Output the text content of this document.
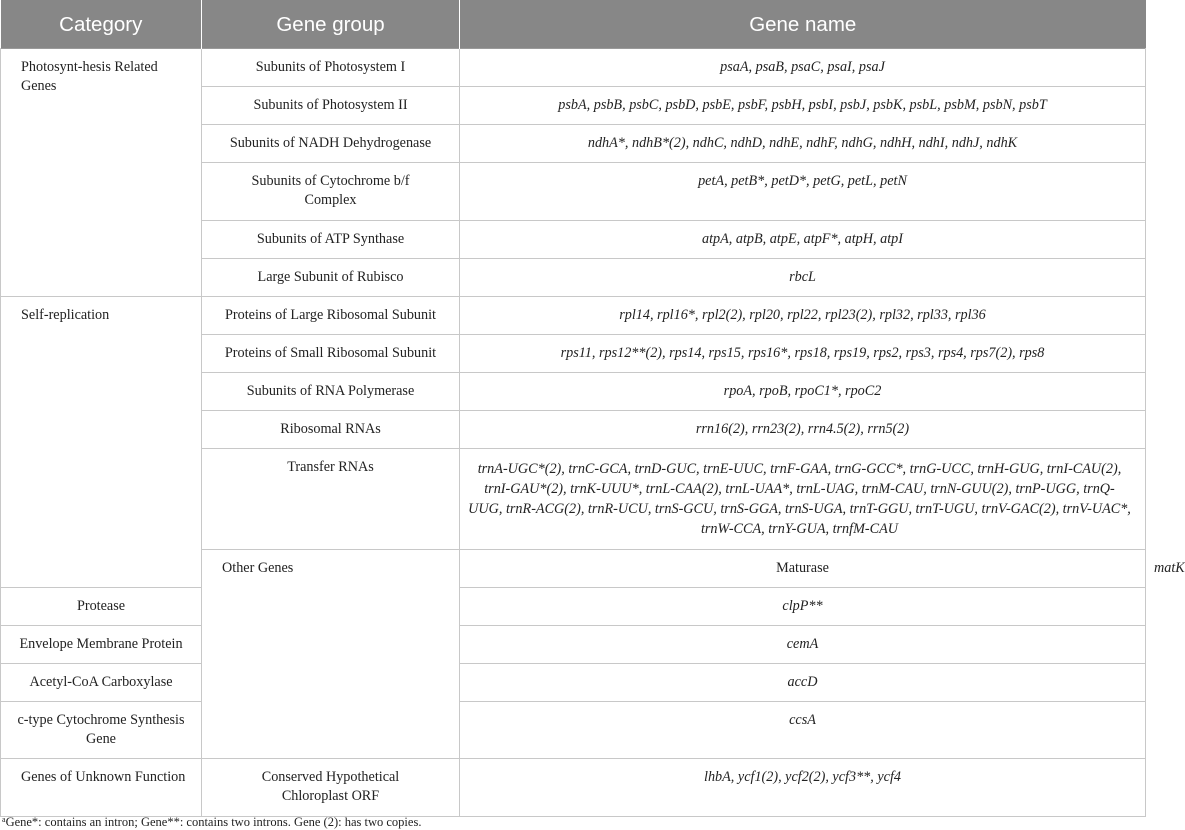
Category	Gene group	Gene name	
Photosynt-hesis Related Genes	Subunits of Photosystem I	psaA, psaB, psaC, psaI, psaJ	
	Subunits of Photosystem II	psbA, psbB, psbC, psbD, psbE, psbF, psbH, psbI, psbJ, psbK, psbL, psbM, psbN, psbT	
	Subunits of NADH Dehydrogenase	ndhA*, ndhB*(2), ndhC, ndhD, ndhE, ndhF, ndhG, ndhH, ndhI, ndhJ, ndhK	
	Subunits of Cytochrome b/f Complex	petA, petB*, petD*, petG, petL, petN	
	Subunits of ATP Synthase	atpA, atpB, atpE, atpF*, atpH, atpI	
	Large Subunit of Rubisco	rbcL	
Self-replication	Proteins of Large Ribosomal Subunit	rpl14, rpl16*, rpl2(2), rpl20, rpl22, rpl23(2), rpl32, rpl33, rpl36	
	Proteins of Small Ribosomal Subunit	rps11, rps12**(2), rps14, rps15, rps16*, rps18, rps19, rps2, rps3, rps4, rps7(2), rps8	
	Subunits of RNA Polymerase	rpoA, rpoB, rpoC1*, rpoC2	
	Ribosomal RNAs	rrn16(2), rrn23(2), rrn4.5(2), rrn5(2)	
	Transfer RNAs	trnA-UGC*(2), trnC-GCA, trnD-GUC, trnE-UUC, trnF-GAA, trnG-GCC*, trnG-UCC, trnH-GUG, trnI-CAU(2), trnI-GAU*(2), trnK-UUU*, trnL-CAA(2), trnL-UAA*, trnL-UAG, trnM-CAU, trnN-GUU(2), trnP-UGG, trnQ-UUG, trnR-ACG(2), trnR-UCU, trnS-GCU, trnS-GGA, trnS-UGA, trnT-GGU, trnT-UGU, trnV-GAC(2), trnV-UAC*, trnW-CCA, trnY-GUA, trnfM-CAU	
	Other Genes	Maturase	matK
Protease		clpP**	
Envelope Membrane Protein		cemA	
Acetyl-CoA Carboxylase		accD	
c-type Cytochrome Synthesis Gene		ccsA	
Genes of Unknown Function	Conserved Hypothetical Chloroplast ORF	lhbA, ycf1(2), ycf2(2), ycf3**, ycf4	
$^a$Gene*: contains an intron; Gene**: contains two introns. Gene (2): has two copies.
